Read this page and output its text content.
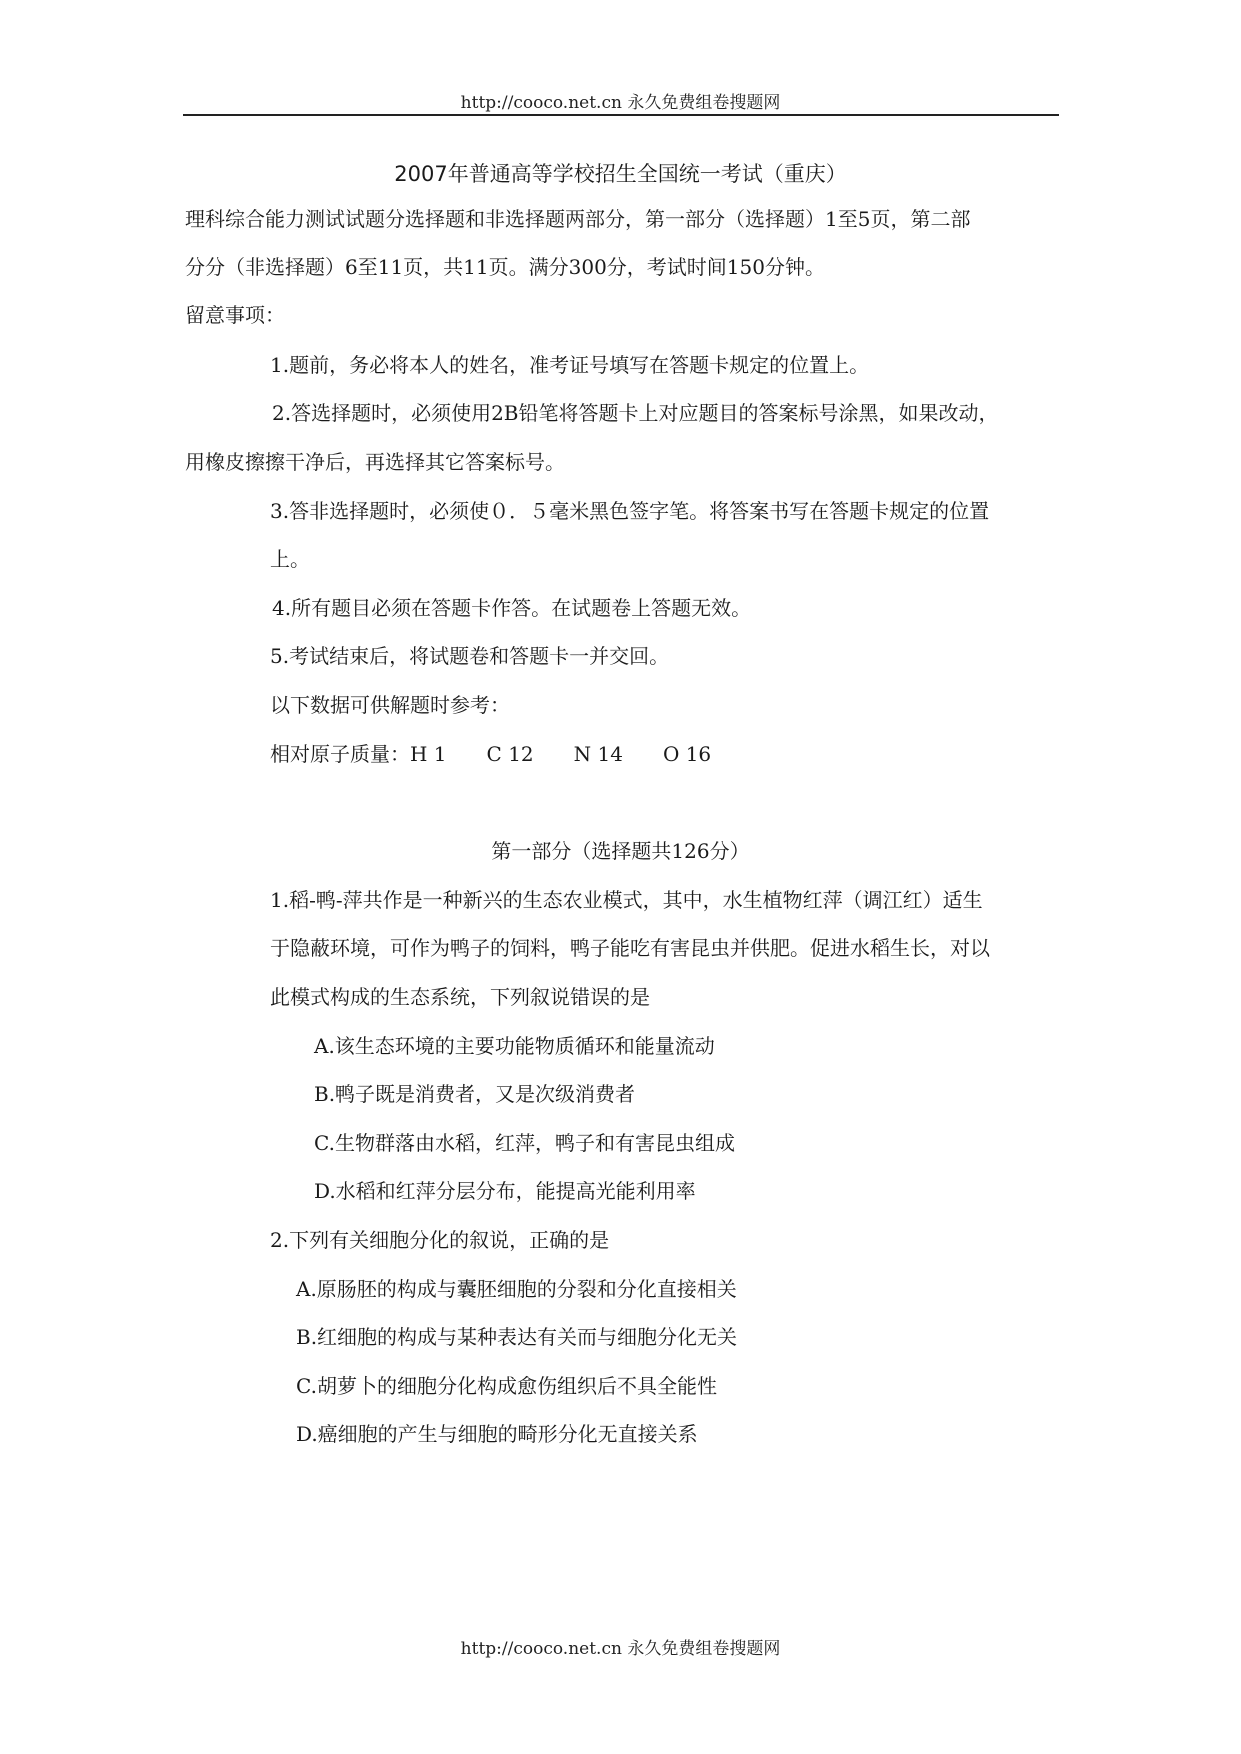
http://cooco.net.cn 永久免费组卷搜题网
2007年普通高等学校招生全国统一考试（重庆）
理科综合能力测试试题分选择题和非选择题两部分，第一部分（选择题）1至5页，第二部
分分（非选择题）6至11页，共11页。满分300分，考试时间150分钟。
留意事项：
1.题前，务必将本人的姓名，准考证号填写在答题卡规定的位置上。
2.答选择题时，必须使用2B铅笔将答题卡上对应题目的答案标号涂黑，如果改动，
用橡皮擦擦干净后，再选择其它答案标号。
3.答非选择题时，必须使０．５毫米黑色签字笔。将答案书写在答题卡规定的位置
上。
4.所有题目必须在答题卡作答。在试题卷上答题无效。
5.考试结束后，将试题卷和答题卡一并交回。
以下数据可供解题时参考：
相对原子质量：H 1 C 12 N 14 O 16
第一部分（选择题共126分）
1.稻-鸭-萍共作是一种新兴的生态农业模式，其中，水生植物红萍（调江红）适生
于隐蔽环境，可作为鸭子的饲料，鸭子能吃有害昆虫并供肥。促进水稻生长，对以
此模式构成的生态系统，下列叙说错误的是
A.该生态环境的主要功能物质循环和能量流动
B.鸭子既是消费者，又是次级消费者
C.生物群落由水稻，红萍，鸭子和有害昆虫组成
D.水稻和红萍分层分布，能提高光能利用率
2.下列有关细胞分化的叙说，正确的是
A.原肠胚的构成与囊胚细胞的分裂和分化直接相关
B.红细胞的构成与某种表达有关而与细胞分化无关
C.胡萝卜的细胞分化构成愈伤组织后不具全能性
D.癌细胞的产生与细胞的畸形分化无直接关系
http://cooco.net.cn 永久免费组卷搜题网
